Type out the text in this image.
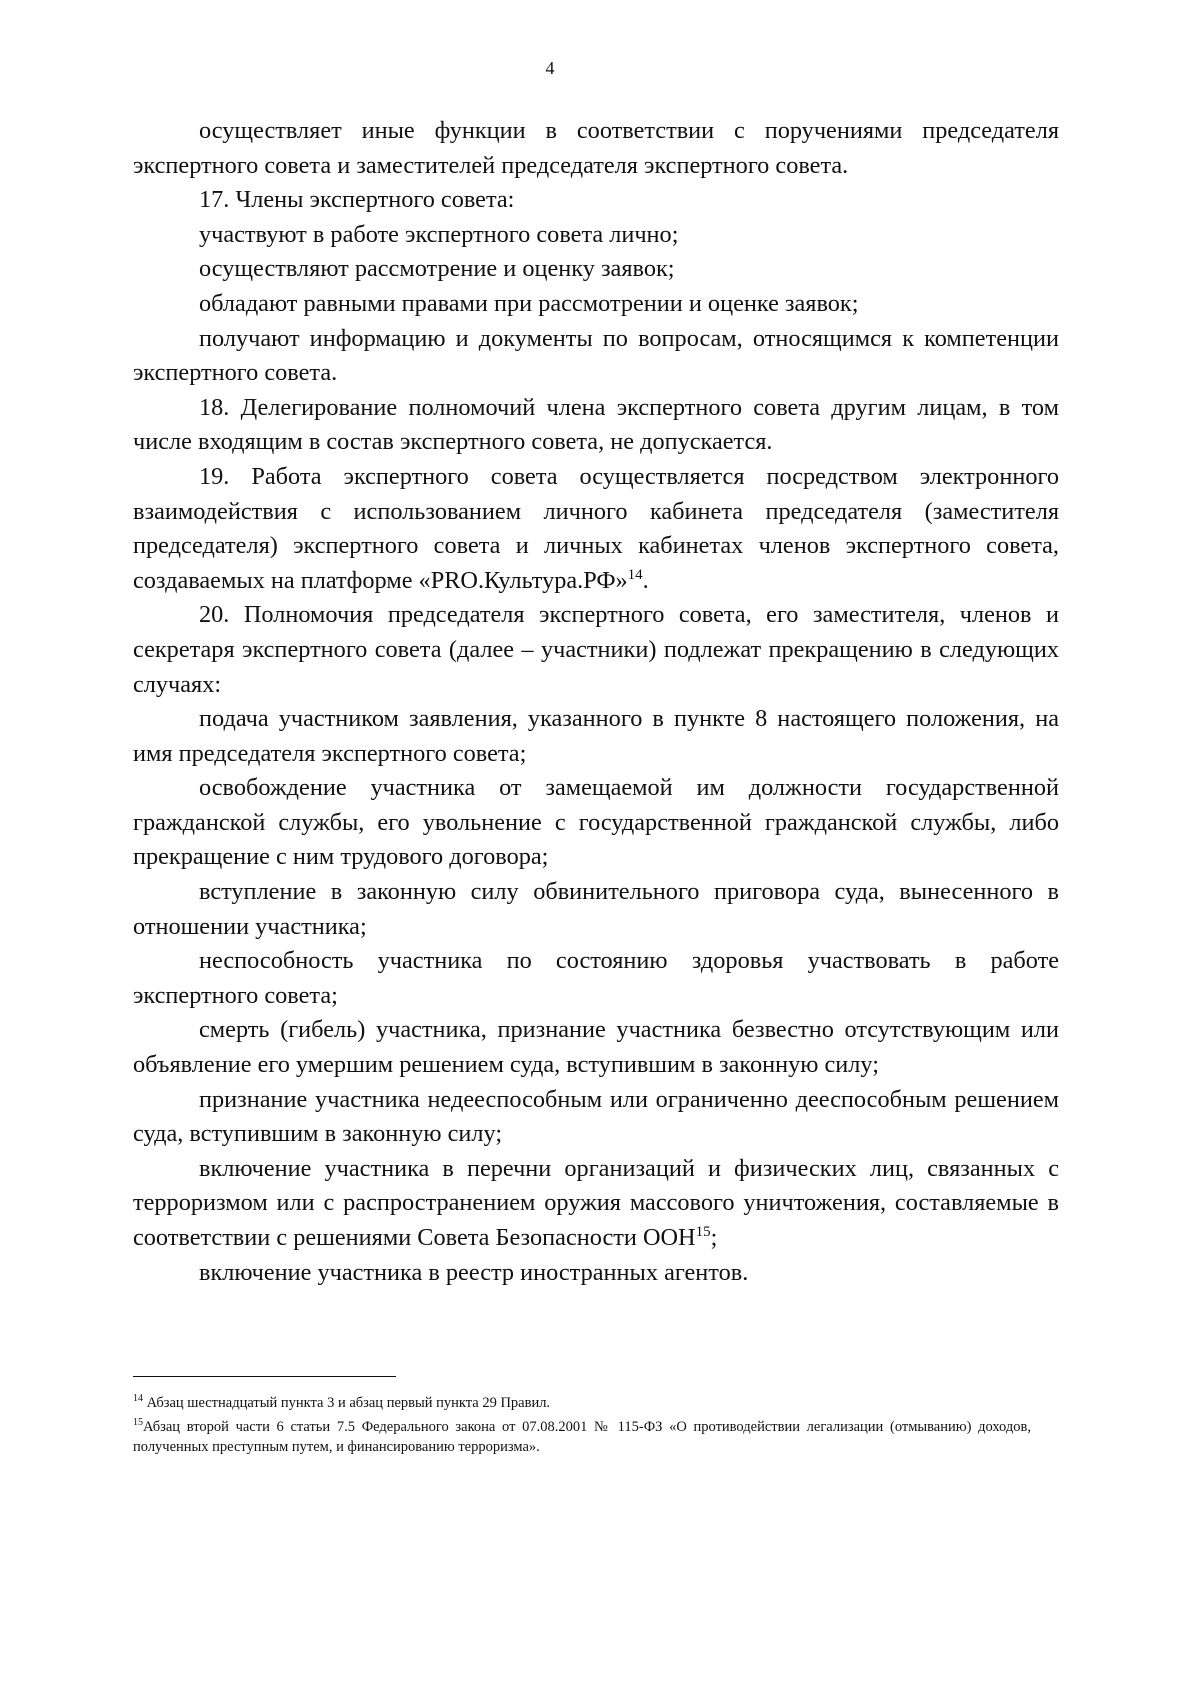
4

осуществляет иные функции в соответствии с поручениями председателя экспертного совета и заместителей председателя экспертного совета.

17. Члены экспертного совета:

участвуют в работе экспертного совета лично;

осуществляют рассмотрение и оценку заявок;

обладают равными правами при рассмотрении и оценке заявок;

получают информацию и документы по вопросам, относящимся к компетенции экспертного совета.

18. Делегирование полномочий члена экспертного совета другим лицам, в том числе входящим в состав экспертного совета, не допускается.

19. Работа экспертного совета осуществляется посредством электронного взаимодействия с использованием личного кабинета председателя (заместителя председателя) экспертного совета и личных кабинетах членов экспертного совета, создаваемых на платформе «PRO.Культура.РФ»$^{14}$.

20. Полномочия председателя экспертного совета, его заместителя, членов и секретаря экспертного совета (далее – участники) подлежат прекращению в следующих случаях:

подача участником заявления, указанного в пункте 8 настоящего положения, на имя председателя экспертного совета;

освобождение участника от замещаемой им должности государственной гражданской службы, его увольнение с государственной гражданской службы, либо прекращение с ним трудового договора;

вступление в законную силу обвинительного приговора суда, вынесенного в отношении участника;

неспособность участника по состоянию здоровья участвовать в работе экспертного совета;

смерть (гибель) участника, признание участника безвестно отсутствующим или объявление его умершим решением суда, вступившим в законную силу;

признание участника недееспособным или ограниченно дееспособным решением суда, вступившим в законную силу;

включение участника в перечни организаций и физических лиц, связанных с терроризмом или с распространением оружия массового уничтожения, составляемые в соответствии с решениями Совета Безопасности ООН$^{15}$;

включение участника в реестр иностранных агентов.

$^{14}$ Абзац шестнадцатый пункта 3 и абзац первый пункта 29 Правил.

$^{15}$Абзац второй части 6 статьи 7.5 Федерального закона от 07.08.2001 № 115-ФЗ «О противодействии легализации (отмыванию) доходов, полученных преступным путем, и финансированию терроризма».
